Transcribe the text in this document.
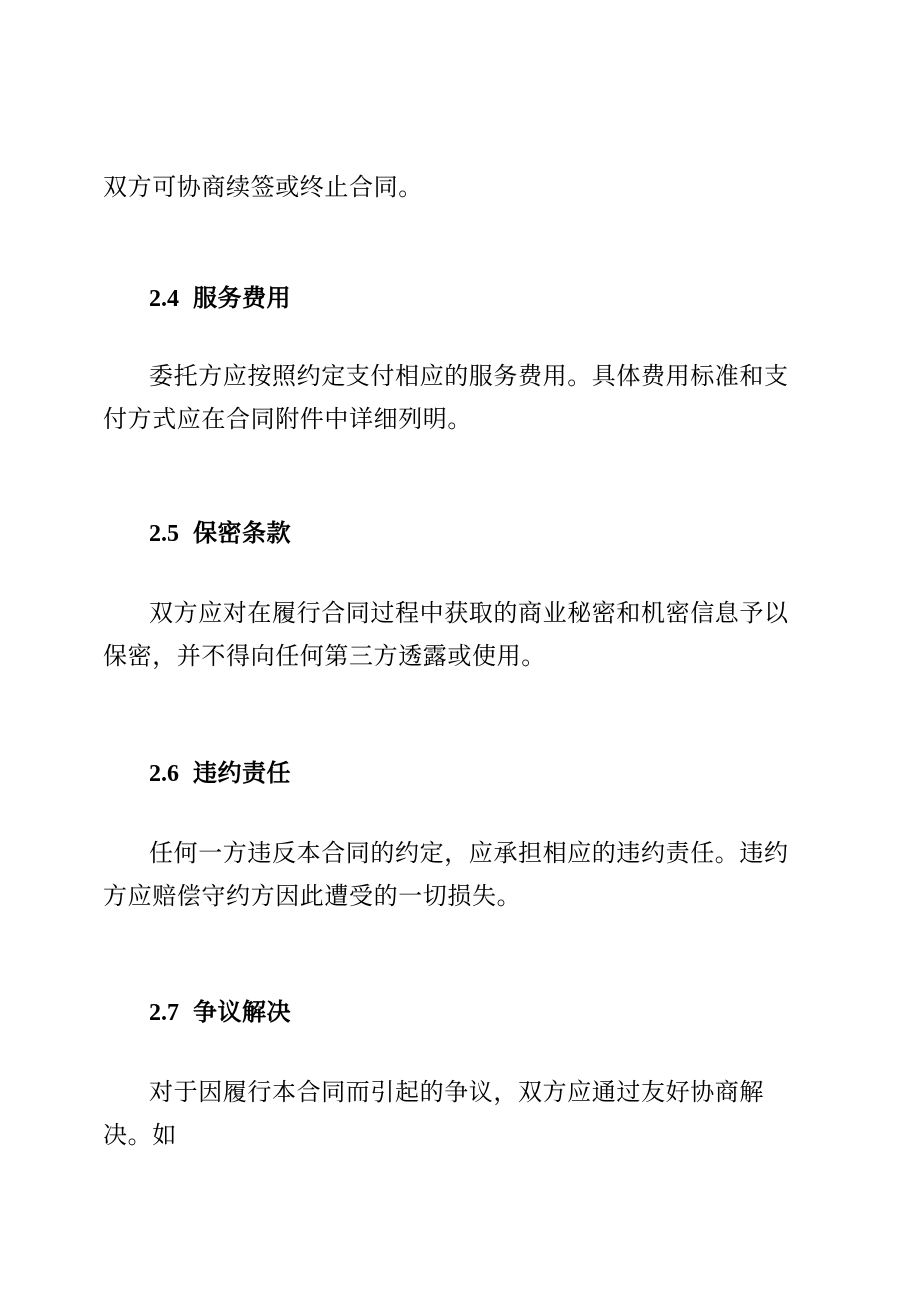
双方可协商续签或终止合同。

2.4 服务费用

委托方应按照约定支付相应的服务费用。具体费用标准和支付方式应在合同附件中详细列明。

2.5 保密条款

双方应对在履行合同过程中获取的商业秘密和机密信息予以保密，并不得向任何第三方透露或使用。

2.6 违约责任

任何一方违反本合同的约定，应承担相应的违约责任。违约方应赔偿守约方因此遭受的一切损失。

2.7 争议解决

对于因履行本合同而引起的争议，双方应通过友好协商解决。如
